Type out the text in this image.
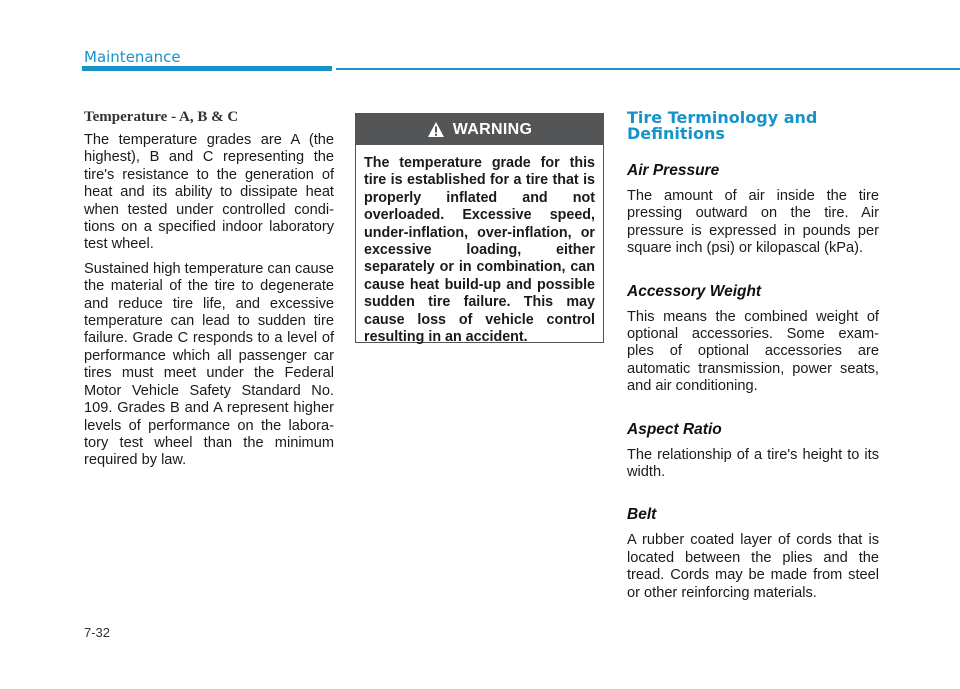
Maintenance
Temperature - A, B & C

The temperature grades are A (the highest), B and C representing the tire's resistance to the generation of heat and its ability to dissipate heat when tested under controlled condi- tions on a specified indoor laboratory test wheel.

Sustained high temperature can cause the material of the tire to degenerate and reduce tire life, and excessive temperature can lead to sudden tire failure. Grade C responds to a level of performance which all passenger car tires must meet under the Federal Motor Vehicle Safety Standard No. 109. Grades B and A represent higher levels of performance on the labora- tory test wheel than the minimum required by law.

WARNING

The temperature grade for this tire is established for a tire that is properly inflated and not overloaded. Excessive speed, under-inflation, over-inflation, or excessive loading, either separately or in combination, can cause heat build-up and possible sudden tire failure. This may cause loss of vehicle control resulting in an accident.

Tire Terminology and Definitions
Air Pressure

The amount of air inside the tire pressing outward on the tire. Air pressure is expressed in pounds per square inch (psi) or kilopascal (kPa).

Accessory Weight

This means the combined weight of optional accessories. Some exam- ples of optional accessories are automatic transmission, power seats, and air conditioning.

Aspect Ratio

The relationship of a tire's height to its width.

Belt

A rubber coated layer of cords that is located between the plies and the tread. Cords may be made from steel or other reinforcing materials.

7-32
